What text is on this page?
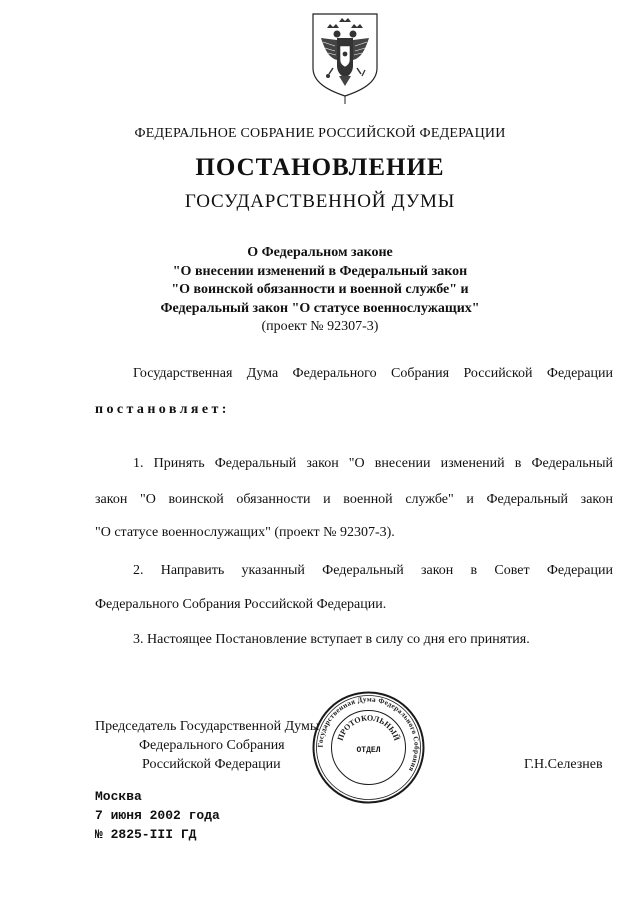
ФЕДЕРАЛЬНОЕ СОБРАНИЕ РОССИЙСКОЙ ФЕДЕРАЦИИ
ПОСТАНОВЛЕНИЕ
ГОСУДАРСТВЕННОЙ ДУМЫ
О Федеральном законе
"О внесении изменений в Федеральный закон
"О воинской обязанности и военной службе" и
Федеральный закон "О статусе военнослужащих"
(проект № 92307-3)
Государственная Дума Федерального Собрания Российской Федерации
постановляет:
1. Принять Федеральный закон "О внесении изменений в Федеральный
закон "О воинской обязанности и военной службе" и Федеральный закон
"О статусе военнослужащих" (проект № 92307-3).
2. Направить указанный Федеральный закон в Совет Федерации
Федерального Собрания Российской Федерации.
3. Настоящее Постановление вступает в силу со дня его принятия.
Председатель Государственной Думы
Федерального Собрания
Российской Федерации	Г.Н.Селезнев
Государственная Дума Федерального Собрания
ПРОТОКОЛЬНЫЙ
ОТДЕЛ
Москва
7 июня 2002 года
№ 2825-III ГД
